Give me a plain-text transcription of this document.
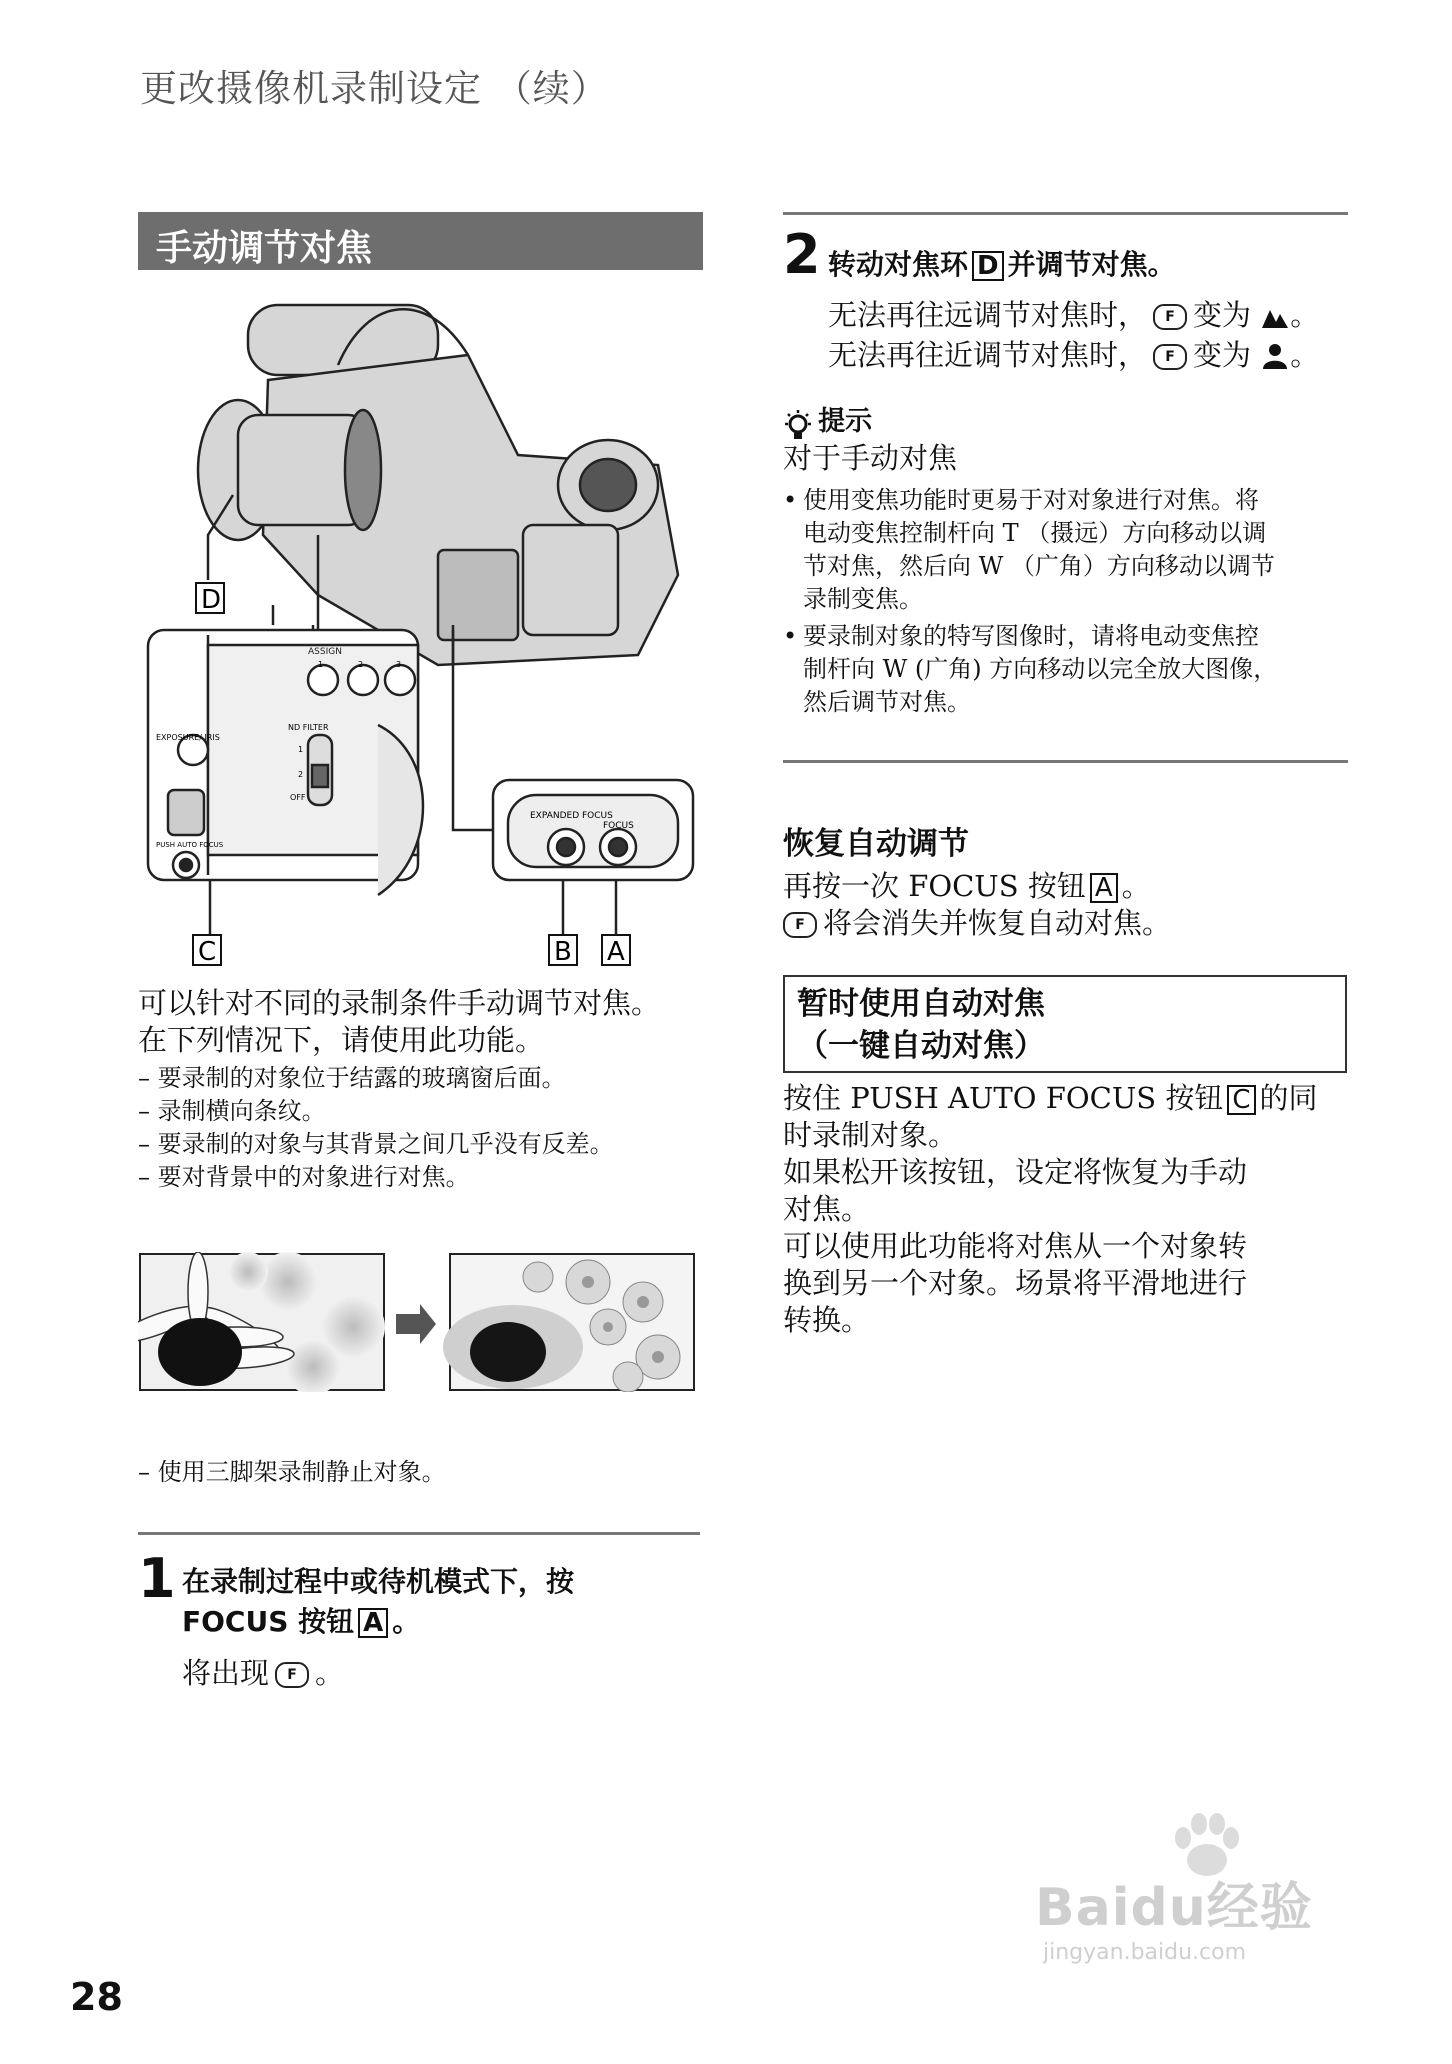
更改摄像机录制设定 （续）
手动调节对焦
D
ASSIGN
1	2	3
EXPOSURE/ IRIS
PUSH AUTO FOCUS
ND FILTER
1
2
OFF
EXPANDED FOCUS
FOCUS
C	B A
可以针对不同的录制条件手动调节对焦。
在下列情况下，请使用此功能。
– 要录制的对象位于结露的玻璃窗后面。
– 录制横向条纹。
– 要录制的对象与其背景之间几乎没有反差。
– 要对背景中的对象进行对焦。
– 使用三脚架录制静止对象。
1 在录制过程中或待机模式下，按
FOCUS 按钮 A 。
将出现 F 。
2 转动对焦环 D 并调节对焦。
无法再往远调节对焦时， F 变为 。
无法再往近调节对焦时， F 变为 。
提示
对于手动对焦
• 使用变焦功能时更易于对对象进行对焦。将
电动变焦控制杆向 T （摄远）方向移动以调
节对焦，然后向 W （广角）方向移动以调节
录制变焦。
• 要录制对象的特写图像时，请将电动变焦控
制杆向 W (广角) 方向移动以完全放大图像，
然后调节对焦。
恢复自动调节
再按一次 FOCUS 按钮 A 。
F 将会消失并恢复自动对焦。
暂时使用自动对焦
（一键自动对焦）
按住 PUSH AUTO FOCUS 按钮 C 的同
时录制对象。
如果松开该按钮，设定将恢复为手动
对焦。
可以使用此功能将对焦从一个对象转
换到另一个对象。场景将平滑地进行
转换。
Baidu经验
jingyan.baidu.com
28
